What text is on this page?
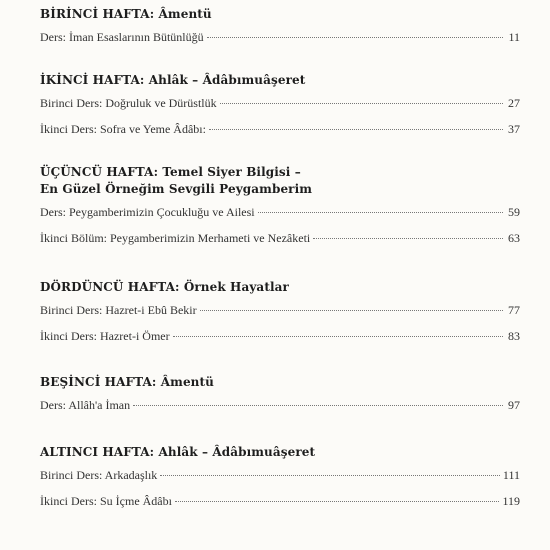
BİRİNCİ HAFTA: Âmentü
Ders: İman Esaslarının Bütünlüğü	11
İKİNCİ HAFTA: Ahlâk – Âdâbımuâşeret
Birinci Ders: Doğruluk ve Dürüstlük	27
İkinci Ders: Sofra ve Yeme Âdâbı:	37
ÜÇÜNCÜ HAFTA: Temel Siyer Bilgisi –
En Güzel Örneğim Sevgili Peygamberim
Ders: Peygamberimizin Çocukluğu ve Ailesi	59
İkinci Bölüm: Peygamberimizin Merhameti ve Nezâketi	63
DÖRDÜNCÜ HAFTA: Örnek Hayatlar
Birinci Ders: Hazret-i Ebû Bekir	77
İkinci Ders: Hazret-i Ömer	83
BEŞİNCİ HAFTA: Âmentü
Ders: Allâh'a İman	97
ALTINCI HAFTA: Ahlâk – Âdâbımuâşeret
Birinci Ders: Arkadaşlık	111
İkinci Ders: Su İçme Âdâbı	119
